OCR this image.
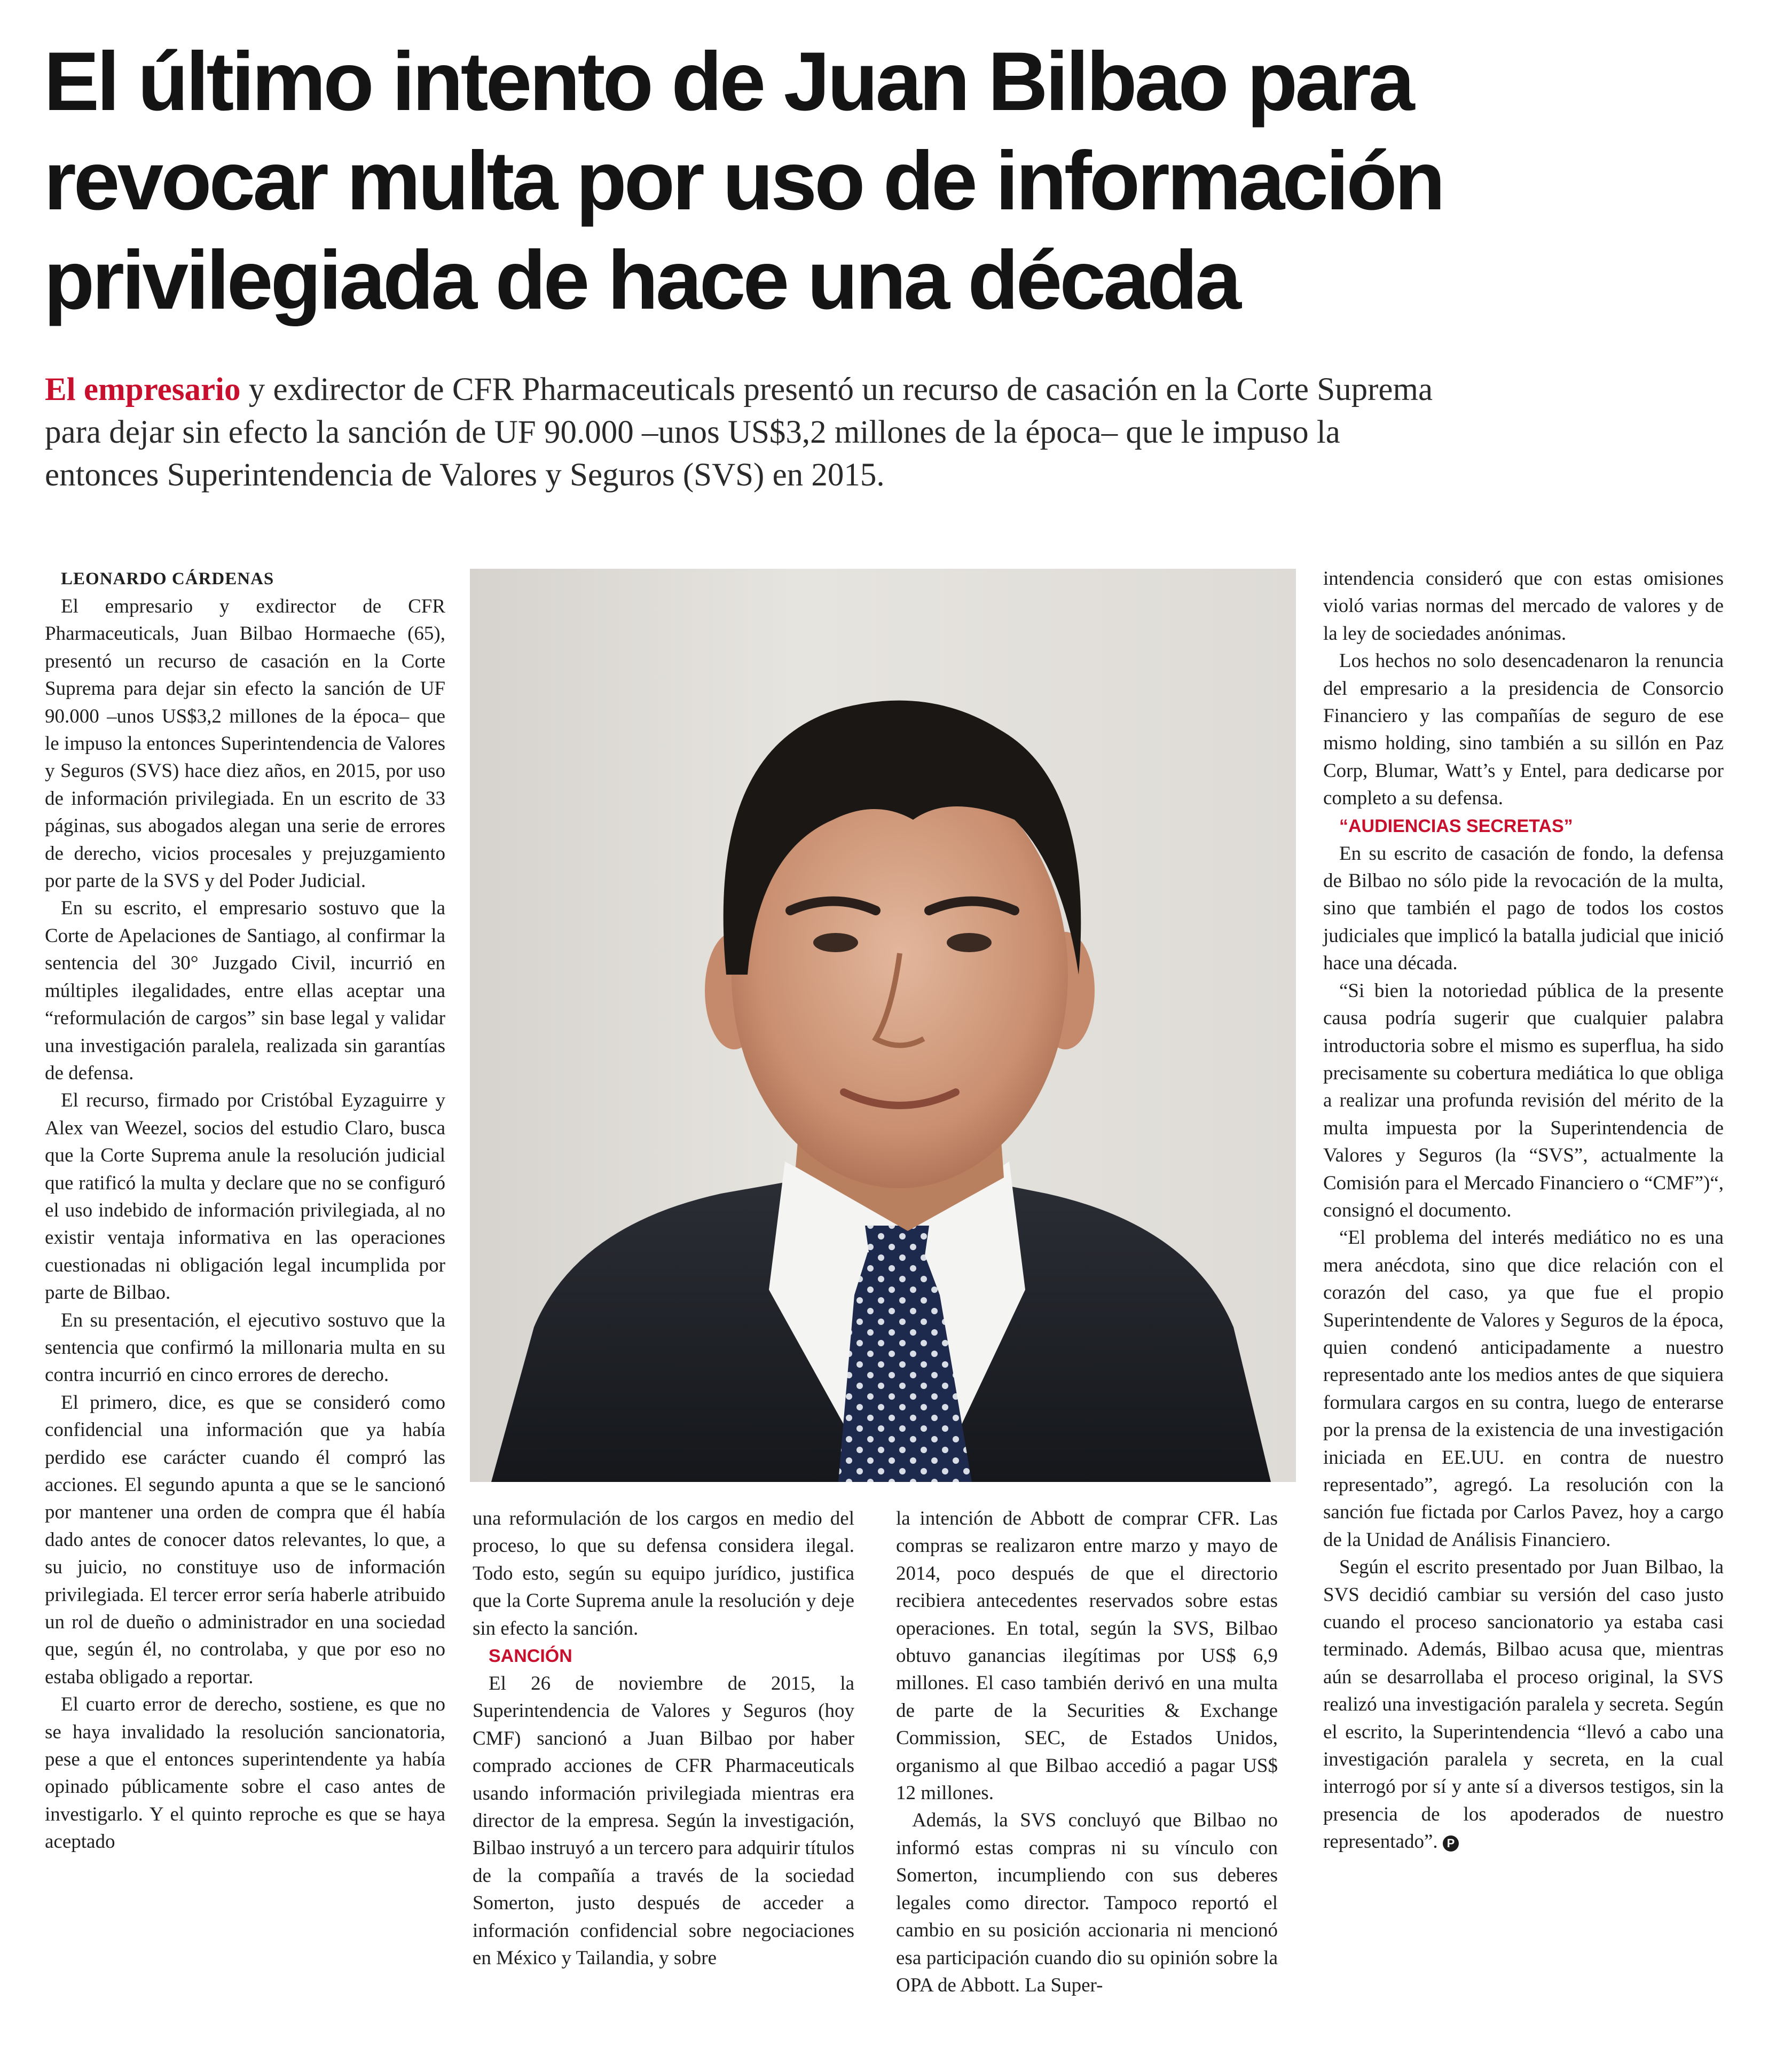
El último intento de Juan Bilbao para
revocar multa por uso de información
privilegiada de hace una década

El empresario y exdirector de CFR Pharmaceuticals presentó un recurso de casación en la Corte Suprema para dejar sin efecto la sanción de UF 90.000 –unos US$3,2 millones de la época– que le impuso la entonces Superintendencia de Valores y Seguros (SVS) en 2015.

LEONARDO CÁRDENAS

El empresario y exdirector de CFR Pharmaceuticals, Juan Bilbao Hormaeche (65), presentó un recurso de casación en la Corte Suprema para dejar sin efecto la sanción de UF 90.000 –unos US$3,2 millones de la época– que le impuso la entonces Superintendencia de Valores y Seguros (SVS) hace diez años, en 2015, por uso de información privilegiada. En un escrito de 33 páginas, sus abogados alegan una serie de errores de derecho, vicios procesales y prejuzgamiento por parte de la SVS y del Poder Judicial.

En su escrito, el empresario sostuvo que la Corte de Apelaciones de Santiago, al confirmar la sentencia del 30° Juzgado Civil, incurrió en múltiples ilegalidades, entre ellas aceptar una “reformulación de cargos” sin base legal y validar una investigación paralela, realizada sin garantías de defensa.

El recurso, firmado por Cristóbal Eyzaguirre y Alex van Weezel, socios del estudio Claro, busca que la Corte Suprema anule la resolución judicial que ratificó la multa y declare que no se configuró el uso indebido de información privilegiada, al no existir ventaja informativa en las operaciones cuestionadas ni obligación legal incumplida por parte de Bilbao.

En su presentación, el ejecutivo sostuvo que la sentencia que confirmó la millonaria multa en su contra incurrió en cinco errores de derecho.

El primero, dice, es que se consideró como confidencial una información que ya había perdido ese carácter cuando él compró las acciones. El segundo apunta a que se le sancionó por mantener una orden de compra que él había dado antes de conocer datos relevantes, lo que, a su juicio, no constituye uso de información privilegiada. El tercer error sería haberle atribuido un rol de dueño o administrador en una sociedad que, según él, no controlaba, y que por eso no estaba obligado a reportar.

El cuarto error de derecho, sostiene, es que no se haya invalidado la resolución sancionatoria, pese a que el entonces superintendente ya había opinado públicamente sobre el caso antes de investigarlo. Y el quinto reproche es que se haya aceptado

una reformulación de los cargos en medio del proceso, lo que su defensa considera ilegal. Todo esto, según su equipo jurídico, justifica que la Corte Suprema anule la resolución y deje sin efecto la sanción.

SANCIÓN

El 26 de noviembre de 2015, la Superintendencia de Valores y Seguros (hoy CMF) sancionó a Juan Bilbao por haber comprado acciones de CFR Pharmaceuticals usando información privilegiada mientras era director de la empresa. Según la investigación, Bilbao instruyó a un tercero para adquirir títulos de la compañía a través de la sociedad Somerton, justo después de acceder a información confidencial sobre negociaciones en México y Tailandia, y sobre

la intención de Abbott de comprar CFR. Las compras se realizaron entre marzo y mayo de 2014, poco después de que el directorio recibiera antecedentes reservados sobre estas operaciones. En total, según la SVS, Bilbao obtuvo ganancias ilegítimas por US$ 6,9 millones. El caso también derivó en una multa de parte de la Securities & Exchange Commission, SEC, de Estados Unidos, organismo al que Bilbao accedió a pagar US$ 12 millones.

Además, la SVS concluyó que Bilbao no informó estas compras ni su vínculo con Somerton, incumpliendo con sus deberes legales como director. Tampoco reportó el cambio en su posición accionaria ni mencionó esa participación cuando dio su opinión sobre la OPA de Abbott. La Super-

intendencia consideró que con estas omisiones violó varias normas del mercado de valores y de la ley de sociedades anónimas.

Los hechos no solo desencadenaron la renuncia del empresario a la presidencia de Consorcio Financiero y las compañías de seguro de ese mismo holding, sino también a su sillón en Paz Corp, Blumar, Watt’s y Entel, para dedicarse por completo a su defensa.

“AUDIENCIAS SECRETAS”

En su escrito de casación de fondo, la defensa de Bilbao no sólo pide la revocación de la multa, sino que también el pago de todos los costos judiciales que implicó la batalla judicial que inició hace una década.

“Si bien la notoriedad pública de la presente causa podría sugerir que cualquier palabra introductoria sobre el mismo es superflua, ha sido precisamente su cobertura mediática lo que obliga a realizar una profunda revisión del mérito de la multa impuesta por la Superintendencia de Valores y Seguros (la “SVS”, actualmente la Comisión para el Mercado Financiero o “CMF”)“, consignó el documento.

“El problema del interés mediático no es una mera anécdota, sino que dice relación con el corazón del caso, ya que fue el propio Superintendente de Valores y Seguros de la época, quien condenó anticipadamente a nuestro representado ante los medios antes de que siquiera formulara cargos en su contra, luego de enterarse por la prensa de la existencia de una investigación iniciada en EE.UU. en contra de nuestro representado”, agregó. La resolución con la sanción fue fictada por Carlos Pavez, hoy a cargo de la Unidad de Análisis Financiero.

Según el escrito presentado por Juan Bilbao, la SVS decidió cambiar su versión del caso justo cuando el proceso sancionatorio ya estaba casi terminado. Además, Bilbao acusa que, mientras aún se desarrollaba el proceso original, la SVS realizó una investigación paralela y secreta. Según el escrito, la Superintendencia “llevó a cabo una investigación paralela y secreta, en la cual interrogó por sí y ante sí a diversos testigos, sin la presencia de los apoderados de nuestro representado”. P
